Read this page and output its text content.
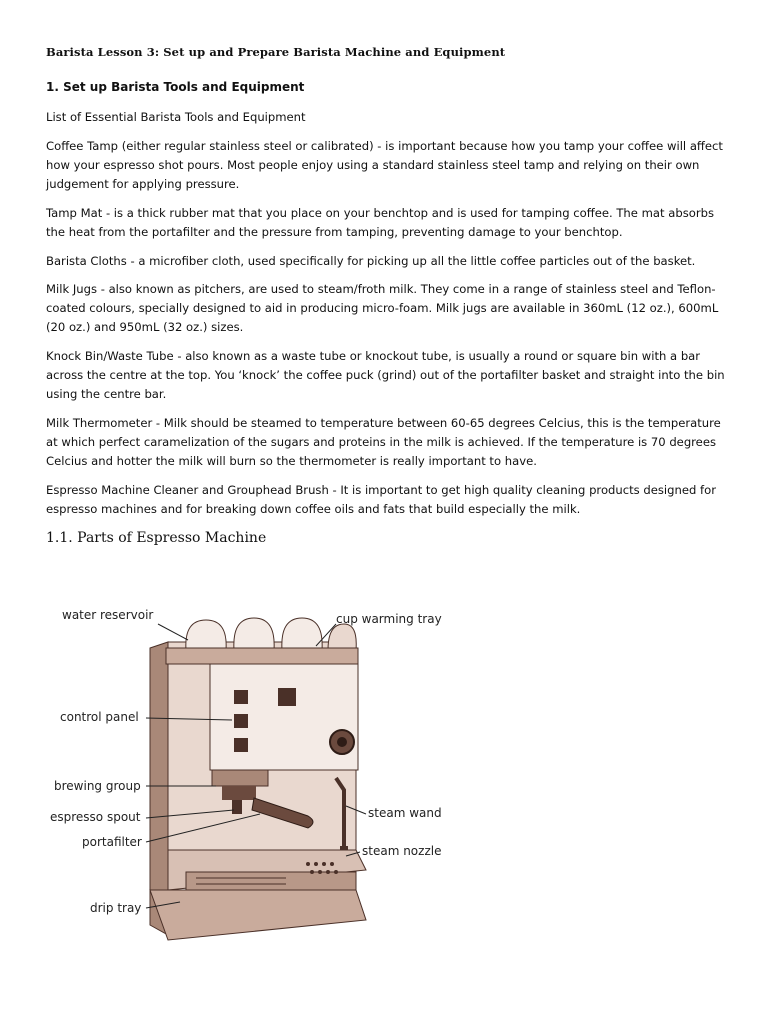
Barista Lesson 3: Set up and Prepare Barista Machine and Equipment
1. Set up Barista Tools and Equipment

List of Essential Barista Tools and Equipment

Coffee Tamp (either regular stainless steel or calibrated) - is important because how you tamp your coffee will affect how your espresso shot pours. Most people enjoy using a standard stainless steel tamp and relying on their own judgement for applying pressure.

Tamp Mat - is a thick rubber mat that you place on your benchtop and is used for tamping coffee. The mat absorbs the heat from the portafilter and the pressure from tamping, preventing damage to your benchtop.

Barista Cloths - a microfiber cloth, used specifically for picking up all the little coffee particles out of the basket.

Milk Jugs - also known as pitchers, are used to steam/froth milk. They come in a range of stainless steel and Teflon-coated colours, specially designed to aid in producing micro-foam. Milk jugs are available in 360mL (12 oz.), 600mL (20 oz.) and 950mL (32 oz.) sizes.

Knock Bin/Waste Tube - also known as a waste tube or knockout tube, is usually a round or square bin with a bar across the centre at the top. You ‘knock’ the coffee puck (grind) out of the portafilter basket and straight into the bin using the centre bar.

Milk Thermometer - Milk should be steamed to temperature between 60-65 degrees Celcius, this is the temperature at which perfect caramelization of the sugars and proteins in the milk is achieved. If the temperature is 70 degrees Celcius and hotter the milk will burn so the thermometer is really important to have.

Espresso Machine Cleaner and Grouphead Brush - It is important to get high quality cleaning products designed for espresso machines and for breaking down coffee oils and fats that build especially the milk.

1.1. Parts of Espresso Machine
water reservoir	cup warming tray
control panel
brewing group
espresso spout
portafilter
steam wand
steam nozzle
drip tray
